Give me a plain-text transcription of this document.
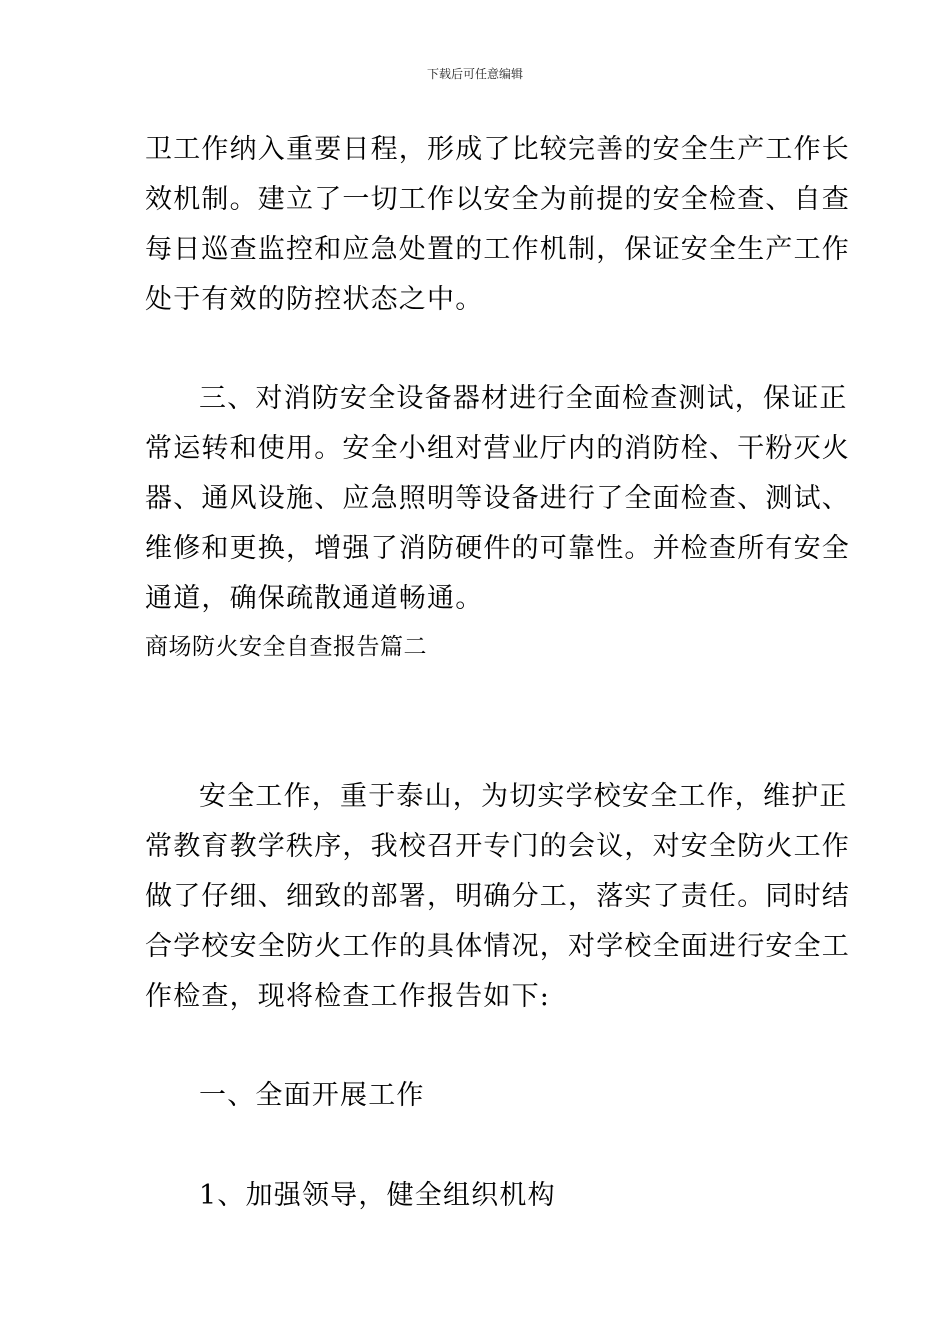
下载后可任意编辑
卫工作纳入重要日程，形成了比较完善的安全生产工作长
效机制。建立了一切工作以安全为前提的安全检查、自查
每日巡查监控和应急处置的工作机制，保证安全生产工作
处于有效的防控状态之中。
三、对消防安全设备器材进行全面检查测试，保证正
常运转和使用。安全小组对营业厅内的消防栓、干粉灭火
器、通风设施、应急照明等设备进行了全面检查、测试、
维修和更换，增强了消防硬件的可靠性。并检查所有安全
通道，确保疏散通道畅通。
商场防火安全自查报告篇二
安全工作，重于泰山，为切实学校安全工作，维护正
常教育教学秩序，我校召开专门的会议，对安全防火工作
做了仔细、细致的部署，明确分工，落实了责任。同时结
合学校安全防火工作的具体情况，对学校全面进行安全工
作检查，现将检查工作报告如下:
一、全面开展工作
1、加强领导，健全组织机构
